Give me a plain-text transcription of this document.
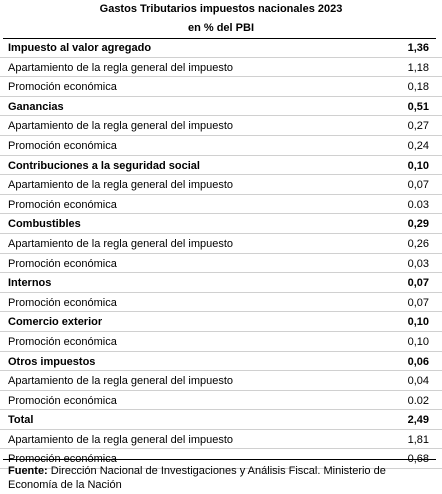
Gastos Tributarios impuestos nacionales 2023
en % del PBI
Impuesto al valor agregado	1,36
Apartamiento de la regla general del impuesto	1,18
Promoción económica	0,18
Ganancias	0,51
Apartamiento de la regla general del impuesto	0,27
Promoción económica	0,24
Contribuciones a la seguridad social	0,10
Apartamiento de la regla general del impuesto	0,07
Promoción económica	0.03
Combustibles	0,29
Apartamiento de la regla general del impuesto	0,26
Promoción económica	0,03
Internos	0,07
Promoción económica	0,07
Comercio exterior	0,10
Promoción económica	0,10
Otros impuestos	0,06
Apartamiento de la regla general del impuesto	0,04
Promoción económica	0.02
Total	2,49
Apartamiento de la regla general del impuesto	1,81
Promoción económica	0,68
Fuente: Dirección Nacional de Investigaciones y Análisis Fiscal. Ministerio de Economía de la Nación
